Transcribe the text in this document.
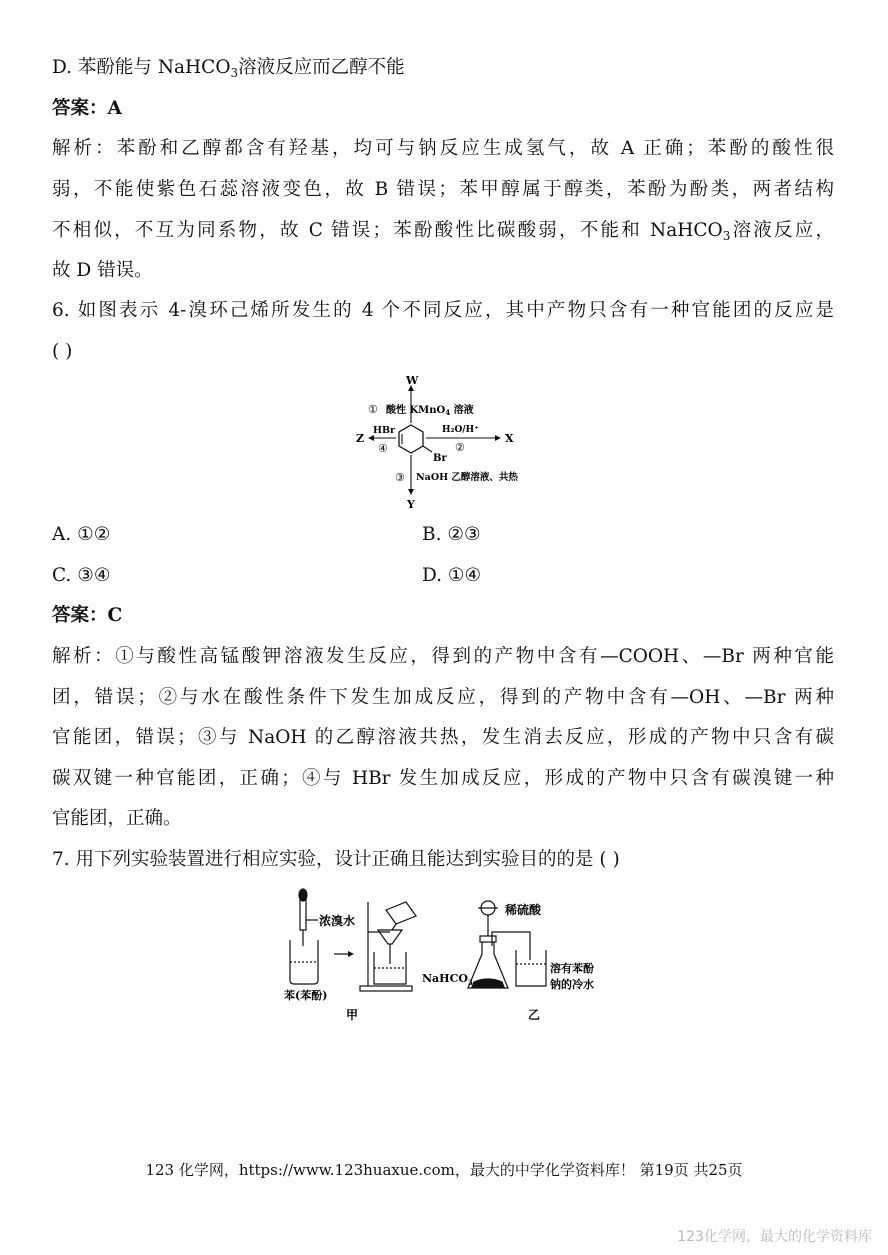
D. 苯酚能与 NaHCO$_3$溶液反应而乙醇不能
答案：A
解析：苯酚和乙醇都含有羟基，均可与钠反应生成氢气，故 A 正确；苯酚的酸性很
弱，不能使紫色石蕊溶液变色，故 B 错误；苯甲醇属于醇类，苯酚为酚类，两者结构
不相似，不互为同系物，故 C 错误；苯酚酸性比碳酸弱，不能和 NaHCO$_3$溶液反应，
故 D 错误。
6. 如图表示 4-溴环己烯所发生的 4 个不同反应，其中产物只含有一种官能团的反应是
( )
Br
W
① 酸性 KMnO$_4$ 溶液
H₂O/H⁺
②
X
HBr
④
Z
③ NaOH 乙醇溶液、共热
Y
A. ①②	B. ②③
C. ③④	D. ①④
答案：C
解析：①与酸性高锰酸钾溶液发生反应，得到的产物中含有—COOH、—Br 两种官能
团，错误；②与水在酸性条件下发生加成反应，得到的产物中含有—OH、—Br 两种
官能团，错误；③与 NaOH 的乙醇溶液共热，发生消去反应，形成的产物中只含有碳
碳双键一种官能团，正确；④与 HBr 发生加成反应，形成的产物中只含有碳溴键一种
官能团，正确。
7. 用下列实验装置进行相应实验，设计正确且能达到实验目的的是 ( )
浓溴水
苯(苯酚)
甲
稀硫酸
NaHCO$_3$
溶有苯酚
钠的冷水
乙
123 化学网，https://www.123huaxue.com，最大的中学化学资料库！ 第19页 共25页
123化学网，最大的化学资料库
